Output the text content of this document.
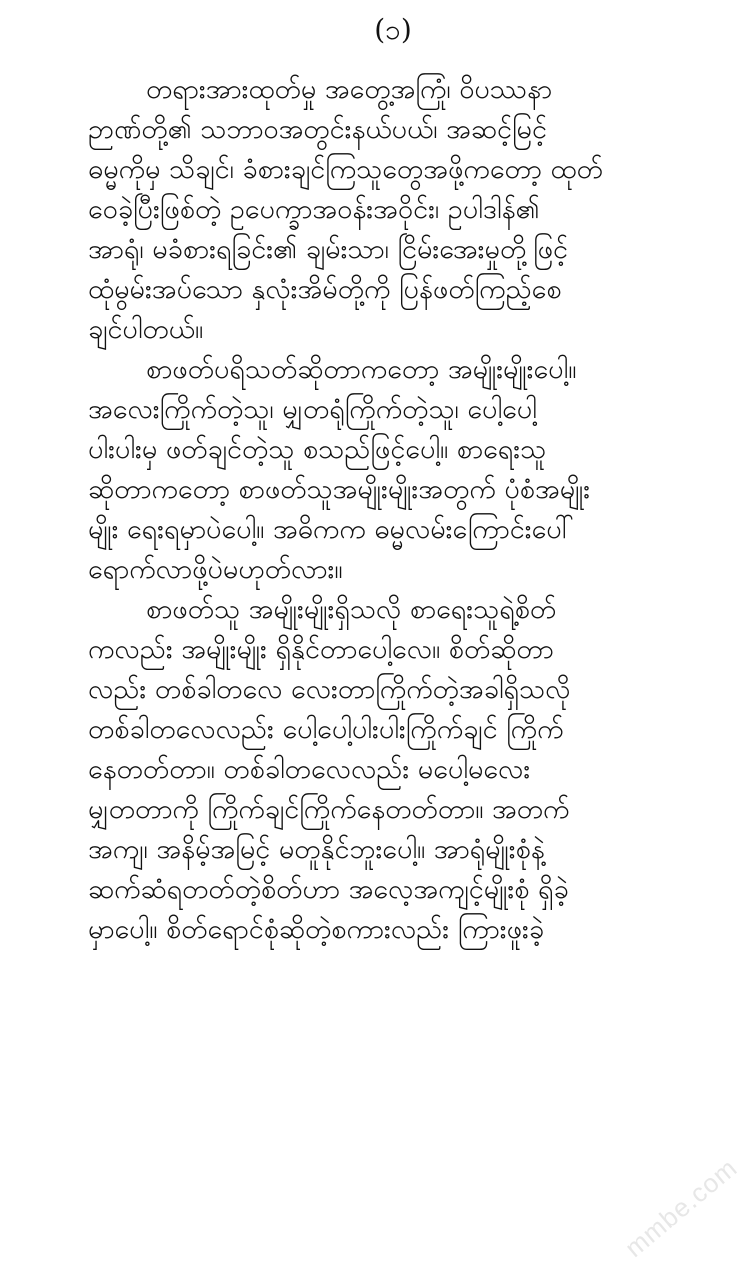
(၁)
တရားအားထုတ်မှု အတွေ့အကြုံ၊ ဝိပဿနာ
ဉာဏ်တို့၏ သဘာဝအတွင်းနယ်ပယ်၊ အဆင့်မြင့်
ဓမ္မကိုမှ သိချင်၊ ခံစားချင်ကြသူတွေအဖို့ကတော့ ထုတ်
ဝေခဲ့ပြီးဖြစ်တဲ့ ဥပေက္ခာအဝန်းအဝိုင်း၊ ဥပါဒါန်၏
အာရုံ၊ မခံစားရခြင်း၏ ချမ်းသာ၊ ငြိမ်းအေးမှုတို့ဖြင့်
ထုံမွမ်းအပ်သော နှလုံးအိမ်တို့ကို ပြန်ဖတ်ကြည့်စေ
ချင်ပါတယ်။
စာဖတ်ပရိသတ်ဆိုတာကတော့ အမျိုးမျိုးပေါ့။
အလေးကြိုက်တဲ့သူ၊ မျှတရုံကြိုက်တဲ့သူ၊ ပေါ့ပေါ့
ပါးပါးမှ ဖတ်ချင်တဲ့သူ စသည်ဖြင့်ပေါ့။ စာရေးသူ
ဆိုတာကတော့ စာဖတ်သူအမျိုးမျိုးအတွက် ပုံစံအမျိုး
မျိုး ရေးရမှာပဲပေါ့။ အဓိကက ဓမ္မလမ်းကြောင်းပေါ်
ရောက်လာဖို့ပဲမဟုတ်လား။
စာဖတ်သူ အမျိုးမျိုးရှိသလို စာရေးသူရဲ့စိတ်
ကလည်း အမျိုးမျိုး ရှိနိုင်တာပေါ့လေ။ စိတ်ဆိုတာ
လည်း တစ်ခါတလေ လေးတာကြိုက်တဲ့အခါရှိသလို
တစ်ခါတလေလည်း ပေါ့ပေါ့ပါးပါးကြိုက်ချင် ကြိုက်
နေတတ်တာ။ တစ်ခါတလေလည်း မပေါ့မလေး
မျှတတာကို ကြိုက်ချင်ကြိုက်နေတတ်တာ။ အတက်
အကျ၊ အနိမ့်အမြင့် မတူနိုင်ဘူးပေါ့။ အာရုံမျိုးစုံနဲ့
ဆက်ဆံရတတ်တဲ့စိတ်ဟာ အလေ့အကျင့်မျိုးစုံ ရှိခဲ့
မှာပေါ့။ စိတ်ရောင်စုံဆိုတဲ့စကားလည်း ကြားဖူးခဲ့
mmbe.com
